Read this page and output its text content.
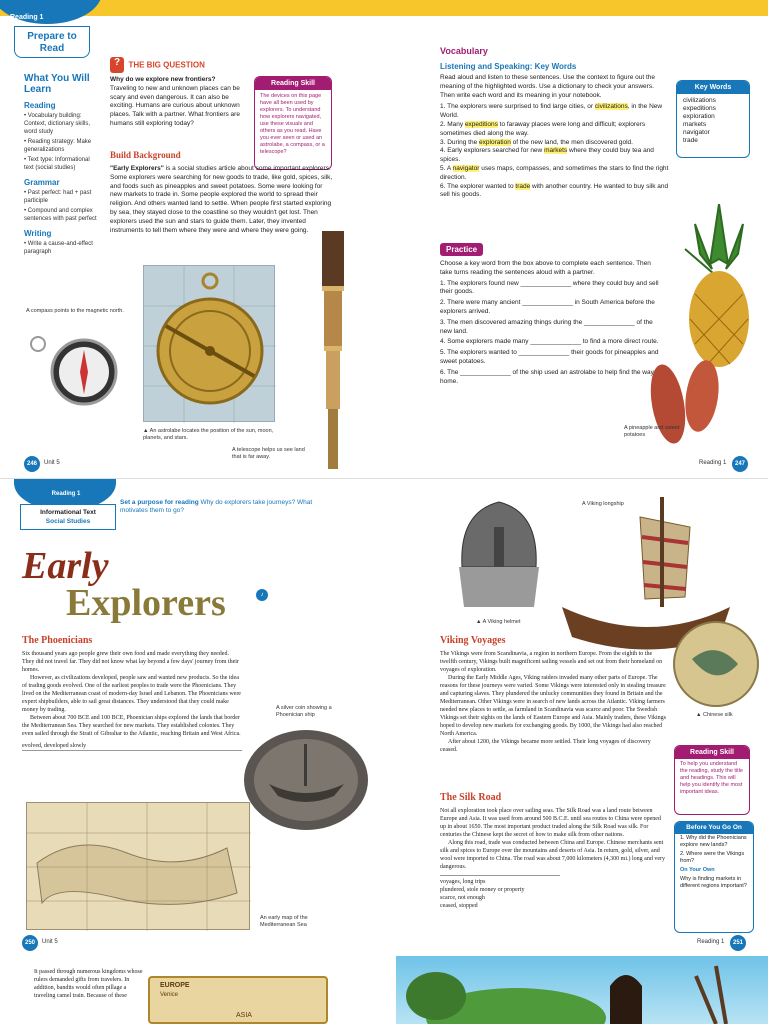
Reading 1
Prepare to Read
What You Will Learn
Reading

• Vocabulary building: Context, dictionary skills, word study

• Reading strategy: Make generalizations

• Text type: Informational text (social studies)

Grammar

• Past perfect: had + past participle

• Compound and complex sentences with past perfect

Writing

• Write a cause-and-effect paragraph

? THE BIG QUESTION
Why do we explore new frontiers?
Traveling to new and unknown places can be scary and even dangerous. It can also be exciting. Humans are curious about unknown places. Talk with a partner. What frontiers are humans still exploring today?
Reading Skill

The devices on this page have all been used by explorers. To understand how explorers navigated, use these visuals and others as you read. Have you ever seen or used an astrolabe, a compass, or a telescope?

Build Background
"Early Explorers" is a social studies article about some important explorers. Some explorers were searching for new goods to trade, like gold, spices, silk, and foods such as pineapples and sweet potatoes. Some were looking for new markets to trade in. Some people explored the world to spread their religion. And others wanted land to settle. When people first started exploring by sea, they stayed close to the coastline so they wouldn't get lost. Then explorers used the sun and stars to guide them. Later, they invented instruments to tell them where they were and where they were going.
▲ An astrolabe locates the position of the sun, moon, planets, and stars.
A telescope helps us see land that is far away.
A compass points to the magnetic north.
246	Unit 5
Vocabulary
Listening and Speaking: Key Words

Read aloud and listen to these sentences. Use the context to figure out the meaning of the highlighted words. Use a dictionary to check your answers. Then write each word and its meaning in your notebook.

1. The explorers were surprised to find large cities, or civilizations, in the New World.

2. Many expeditions to faraway places were long and difficult; explorers sometimes died along the way.

3. During the exploration of the new land, the men discovered gold.

4. Early explorers searched for new markets where they could buy tea and spices.

5. A navigator uses maps, compasses, and sometimes the stars to find the right direction.

6. The explorer wanted to trade with another country. He wanted to buy silk and sell his goods.

Key Words
civilizations
expeditions
exploration
markets
navigator
trade
Practice

Choose a key word from the box above to complete each sentence. Then take turns reading the sentences aloud with a partner.

1. The explorers found new ______________ where they could buy and sell their goods.

2. There were many ancient ______________ in South America before the explorers arrived.

3. The men discovered amazing things during the ______________ of the new land.

4. Some explorers made many ______________ to find a more direct route.

5. The explorers wanted to ______________ their goods for pineapples and sweet potatoes.

6. The ______________ of the ship used an astrolabe to help find the way home.

A pineapple and sweet potatoes
Reading 1	247
Reading 1
Informational Text
Social Studies
Set a purpose for reading Why do explorers take journeys? What motivates them to go?
Early
Explorers	♪
The Phoenicians

Six thousand years ago people grew their own food and made everything they needed. They did not travel far. They did not know what lay beyond a few days' journey from their homes.

However, as civilizations developed, people saw and wanted new products. So the idea of trading goods evolved. One of the earliest peoples to trade were the Phoenicians. They lived on the Mediterranean coast of modern-day Israel and Lebanon. The Phoenicians were expert shipbuilders, able to sail great distances. They understood that they could make money by trading.

Between about 700 BCE and 100 BCE, Phoenician ships explored the lands that border the Mediterranean Sea. They searched for new markets. They established colonies. They even sailed through the Strait of Gibraltar to the Atlantic, reaching Britain and West Africa.

evolved, developed slowly

A silver coin showing a Phoenician ship
An early map of the Mediterranean Sea
250	Unit 5
▲ A Viking helmet
A Viking longship
▲ Chinese silk
Viking Voyages

The Vikings were from Scandinavia, a region in northern Europe. From the eighth to the twelfth century, Vikings built magnificent sailing vessels and set out from their homeland on voyages of exploration.

During the Early Middle Ages, Viking raiders invaded many other parts of Europe. The reasons for these journeys were varied. Some Vikings were interested only in stealing treasure and capturing slaves. They plundered the unlucky communities they found in Britain and the Mediterranean. Other Vikings were in search of new lands across the Atlantic. Viking farmers needed new places to settle, as farmland in Scandinavia was scarce and poor. The Swedish Vikings set their sights on the lands of Eastern Europe and Asia. Mainly traders, these Vikings hoped to develop new markets for exchanging goods. By 1000, the Vikings had also reached North America.

After about 1200, the Vikings became more settled. Their long voyages of discovery ceased.

The Silk Road

Not all exploration took place over sailing seas. The Silk Road was a land route between Europe and Asia. It was used from around 500 B.C.E. until sea routes to China were opened up in about 1650. The most important product traded along the Silk Road was silk. For centuries the Chinese kept the secret of how to make silk from other nations.

Along this road, trade was conducted between China and Europe. Chinese merchants sent silk and spices to Europe over the mountains and deserts of Asia. In return, gold, silver, and wool were imported to China. The road was about 7,000 kilometers (4,300 mi.) long and very dangerous.

voyages, long trips

plundered, stole money or property

scarce, not enough

ceased, stopped

Reading Skill

To help you understand the reading, study the title and headings. This will help you identify the most important ideas.

Before You Go On

1. Why did the Phoenicians explore new lands?

2. Where were the Vikings from?

On Your Own

Why is finding markets in different regions important?

Reading 1	251
It passed through numerous kingdoms whose rulers demanded gifts from travelers. In addition, bandits would often pillage a traveling camel train. Because of these
EUROPE
Venice
ASIA
